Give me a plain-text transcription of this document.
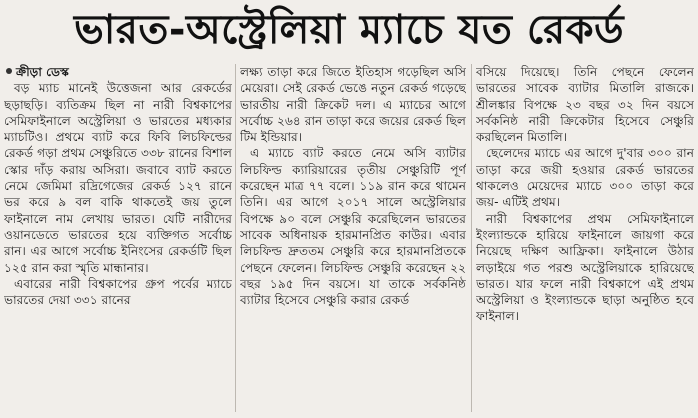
ভারত-অস্ট্রেলিয়া ম্যাচে যত রেকর্ড

ক্রীড়া ডেস্ক

বড় ম্যাচ মানেই উত্তেজনা আর রেকর্ডের ছড়াছড়ি। ব্যতিক্রম ছিল না নারী বিশ্বকাপের সেমিফাইনালে অস্ট্রেলিয়া ও ভারতের মধ্যকার ম্যাচটিও। প্রথমে ব্যাট করে ফিবি লিচফিল্ডের রেকর্ড গড়া প্রথম সেঞ্চুরিতে ৩৩৮ রানের বিশাল স্কোর দাঁড় করায় অসিরা। জবাবে ব্যাট করতে নেমে জেমিমা রদ্রিগেজের রেকর্ড ১২৭ রানে ভর করে ৯ বল বাকি থাকতেই জয় তুলে ফাইনালে নাম লেখায় ভারত। যেটি নারীদের ওয়ানডেতে ভারতের হয়ে ব্যক্তিগত সর্বোচ্চ রান। এর আগে সর্বোচ্চ ইনিংসের রেকর্ডটি ছিল ১২৫ রান করা স্মৃতি মান্ধানার।

এবারের নারী বিশ্বকাপের গ্রুপ পর্বের ম্যাচে ভারতের দেয়া ৩৩১ রানের

লক্ষ্য তাড়া করে জিতে ইতিহাস গড়েছিল অসি মেয়েরা। সেই রেকর্ড ভেঙে নতুন রেকর্ড গড়েছে ভারতীয় নারী ক্রিকেট দল। এ ম্যাচের আগে সর্বোচ্চ ২৬৪ রান তাড়া করে জয়ের রেকর্ড ছিল টিম ইন্ডিয়ার।

এ ম্যাচে ব্যাট করতে নেমে অসি ব্যাটার লিচফিল্ড ক্যারিয়ারের তৃতীয় সেঞ্চুরিটি পূর্ণ করেছেন মাত্র ৭৭ বলে। ১১৯ রান করে থামেন তিনি। এর আগে ২০১৭ সালে অস্ট্রেলিয়ার বিপক্ষে ৯০ বলে সেঞ্চুরি করেছিলেন ভারতের সাবেক অধিনায়ক হারমানপ্রিত কাউর। এবার লিচফিল্ড দ্রুততম সেঞ্চুরি করে হারমানপ্রিতকে পেছনে ফেলেন। লিচফিল্ড সেঞ্চুরি করেছেন ২২ বছর ১৯৫ দিন বয়সে। যা তাকে সর্বকনিষ্ঠ ব্যাটার হিসেবে সেঞ্চুরি করার রেকর্ড

বসিয়ে দিয়েছে। তিনি পেছনে ফেলেন ভারতের সাবেক ব্যাটার মিতালি রাজকে। শ্রীলঙ্কার বিপক্ষে ২৩ বছর ৩২ দিন বয়সে সর্বকনিষ্ঠ নারী ক্রিকেটার হিসেবে সেঞ্চুরি করছিলেন মিতালি।

ছেলেদের ম্যাচে এর আগে দু'বার ৩০০ রান তাড়া করে জয়ী হওয়ার রেকর্ড ভারতের থাকলেও মেয়েদের ম্যাচে ৩০০ তাড়া করে জয়- এটিই প্রথম।

নারী বিশ্বকাপের প্রথম সেমিফাইনালে ইংল্যান্ডকে হারিয়ে ফাইনালে জায়গা করে নিয়েছে দক্ষিণ আফ্রিকা। ফাইনালে উঠার লড়াইয়ে গত পরশু অস্ট্রেলিয়াকে হারিয়েছে ভারত। যার ফলে নারী বিশ্বকাপে এই প্রথম অস্ট্রেলিয়া ও ইংল্যান্ডকে ছাড়া অনুষ্ঠিত হবে ফাইনাল।
